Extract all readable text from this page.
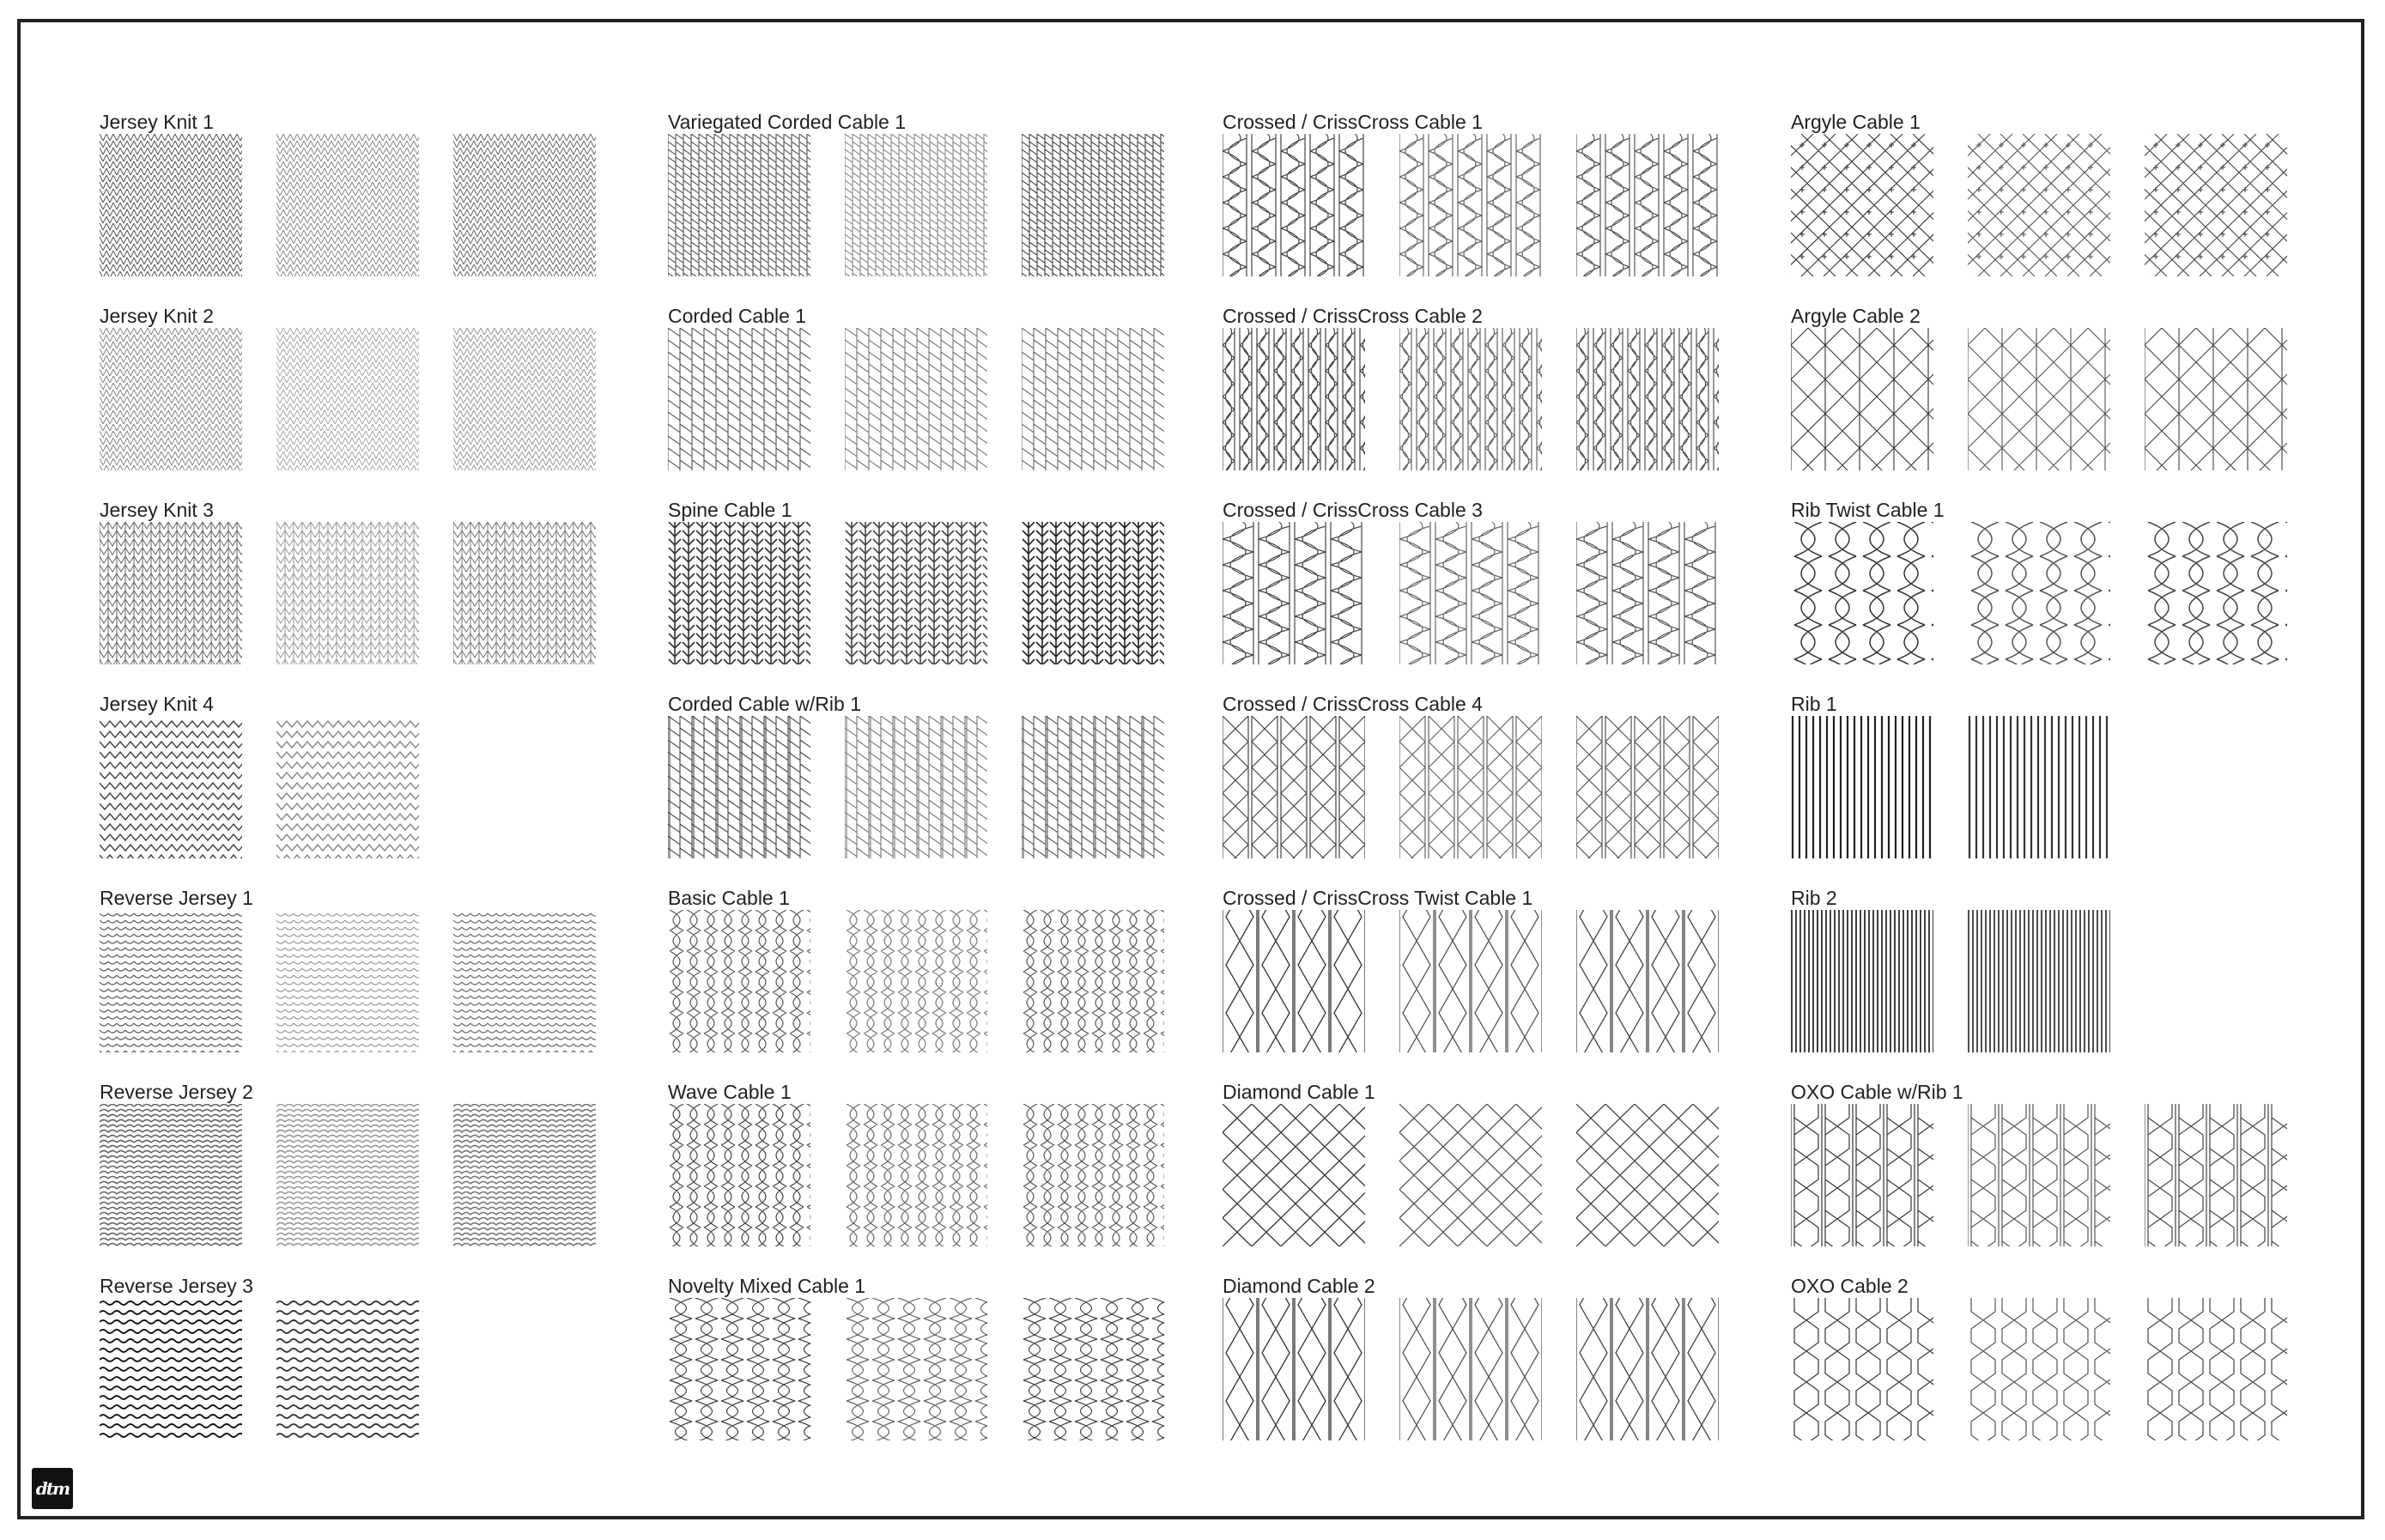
Jersey Knit 1
Jersey Knit 2
Jersey Knit 3
Jersey Knit 4
Reverse Jersey 1
Reverse Jersey 2
Reverse Jersey 3
Variegated Corded Cable 1
Corded Cable 1
Spine Cable 1
Corded Cable w/Rib 1
Basic Cable 1
Wave Cable 1
Novelty Mixed Cable 1
Crossed / CrissCross Cable 1
Crossed / CrissCross Cable 2
Crossed / CrissCross Cable 3
Crossed / CrissCross Cable 4
Crossed / CrissCross Twist Cable 1
Diamond Cable 1
Diamond Cable 2
Argyle Cable 1
Argyle Cable 2
Rib Twist Cable 1
Rib 1
Rib 2
OXO Cable w/Rib 1
OXO Cable 2
dtm
